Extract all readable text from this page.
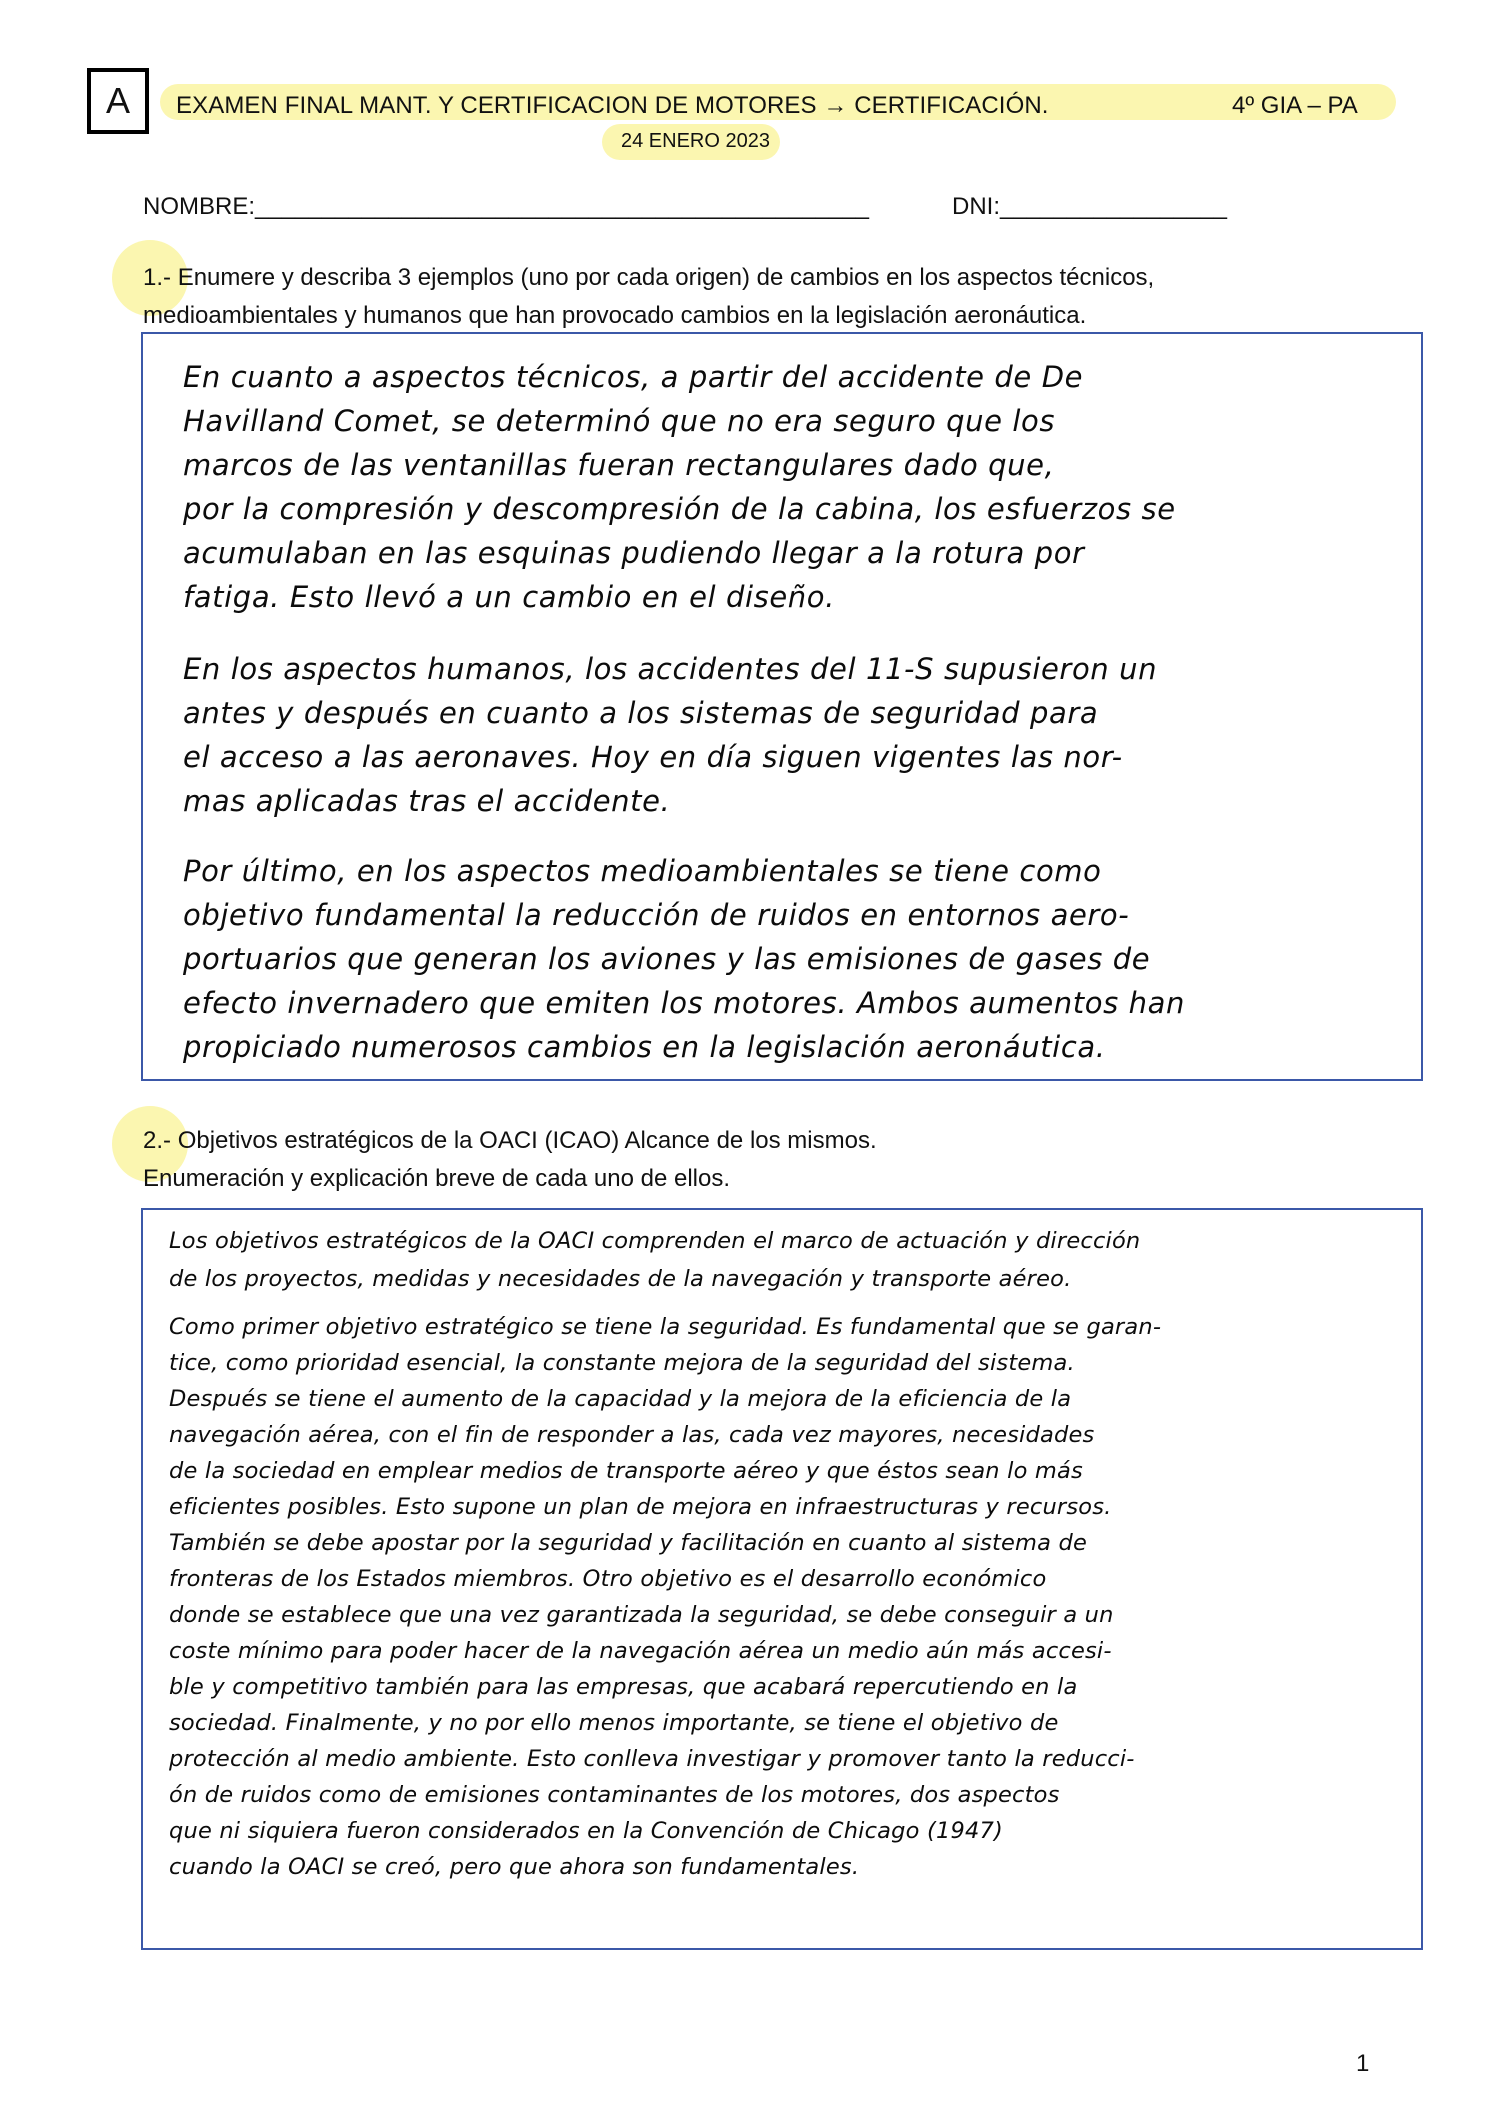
A	EXAMEN FINAL MANT. Y CERTIFICACION DE MOTORES → CERTIFICACIÓN.	4º GIA – PA
24 ENERO 2023
NOMBRE:______________________________________________	DNI:_________________
1.- Enumere y describa 3 ejemplos (uno por cada origen) de cambios en los aspectos técnicos,
medioambientales y humanos que han provocado cambios en la legislación aeronáutica.
En cuanto a aspectos técnicos, a partir del accidente de De
Havilland Comet, se determinó que no era seguro que los
marcos de las ventanillas fueran rectangulares dado que,
por la compresión y descompresión de la cabina, los esfuerzos se
acumulaban en las esquinas pudiendo llegar a la rotura por
fatiga. Esto llevó a un cambio en el diseño.
En los aspectos humanos, los accidentes del 11-S supusieron un
antes y después en cuanto a los sistemas de seguridad para
el acceso a las aeronaves. Hoy en día siguen vigentes las nor-
mas aplicadas tras el accidente.
Por último, en los aspectos medioambientales se tiene como
objetivo fundamental la reducción de ruidos en entornos aero-
portuarios que generan los aviones y las emisiones de gases de
efecto invernadero que emiten los motores. Ambos aumentos han
propiciado numerosos cambios en la legislación aeronáutica.
2.- Objetivos estratégicos de la OACI (ICAO) Alcance de los mismos.
Enumeración y explicación breve de cada uno de ellos.
Los objetivos estratégicos de la OACI comprenden el marco de actuación y dirección
de los proyectos, medidas y necesidades de la navegación y transporte aéreo.
Como primer objetivo estratégico se tiene la seguridad. Es fundamental que se garan-
tice, como prioridad esencial, la constante mejora de la seguridad del sistema.
Después se tiene el aumento de la capacidad y la mejora de la eficiencia de la
navegación aérea, con el fin de responder a las, cada vez mayores, necesidades
de la sociedad en emplear medios de transporte aéreo y que éstos sean lo más
eficientes posibles. Esto supone un plan de mejora en infraestructuras y recursos.
También se debe apostar por la seguridad y facilitación en cuanto al sistema de
fronteras de los Estados miembros. Otro objetivo es el desarrollo económico
donde se establece que una vez garantizada la seguridad, se debe conseguir a un
coste mínimo para poder hacer de la navegación aérea un medio aún más accesi-
ble y competitivo también para las empresas, que acabará repercutiendo en la
sociedad. Finalmente, y no por ello menos importante, se tiene el objetivo de
protección al medio ambiente. Esto conlleva investigar y promover tanto la reducci-
ón de ruidos como de emisiones contaminantes de los motores, dos aspectos
que ni siquiera fueron considerados en la Convención de Chicago (1947)
cuando la OACI se creó, pero que ahora son fundamentales.
1
